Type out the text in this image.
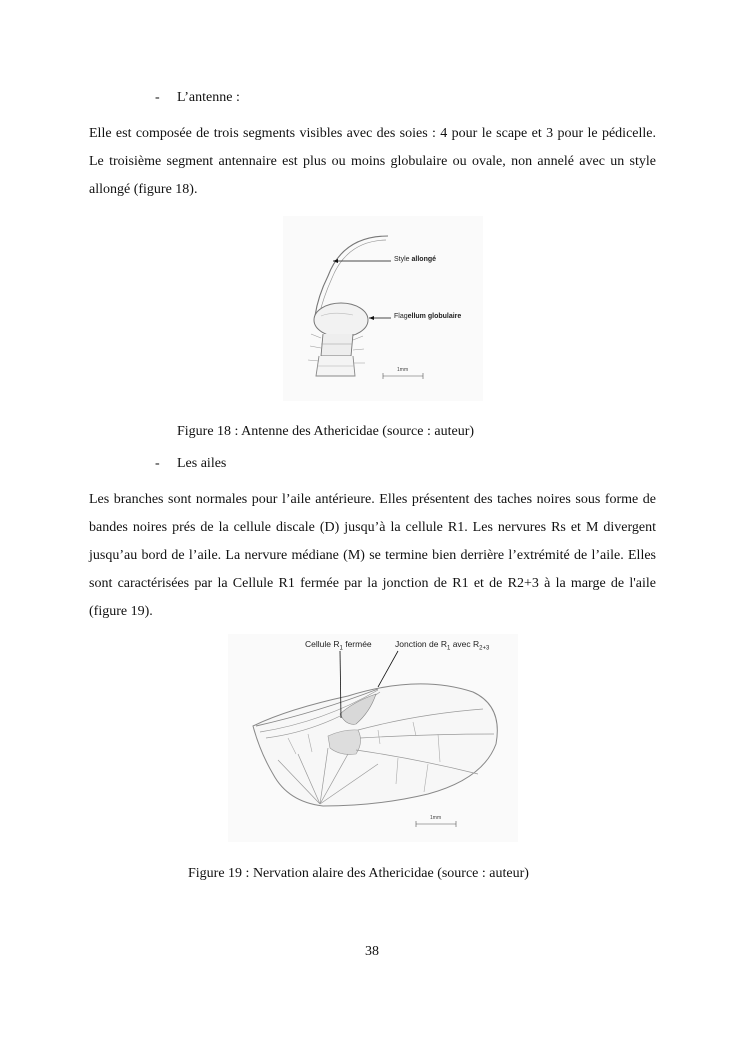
- L’antenne :

Elle est composée de trois segments visibles avec des soies : 4 pour le scape et 3 pour le pédicelle. Le troisième segment antennaire est plus ou moins globulaire ou ovale, non annelé avec un style allongé (figure 18).

Style allongé
Flagellum globulaire
1mm
Figure 18 : Antenne des Athericidae (source : auteur)
- Les ailes

Les branches sont normales pour l’aile antérieure. Elles présentent des taches noires sous forme de bandes noires prés de la cellule discale (D) jusqu’à la cellule R1. Les nervures Rs et M divergent jusqu’au bord de l’aile. La nervure médiane (M) se termine bien derrière l’extrémité de l’aile. Elles sont caractérisées par la Cellule R1 fermée par la jonction de R1 et de R2+3 à la marge de l'aile (figure 19).

Cellule $R_1$ fermée	Jonction de $R_1$ avec $R_{2+3}$
1mm
Figure 19 : Nervation alaire des Athericidae (source : auteur)
38
